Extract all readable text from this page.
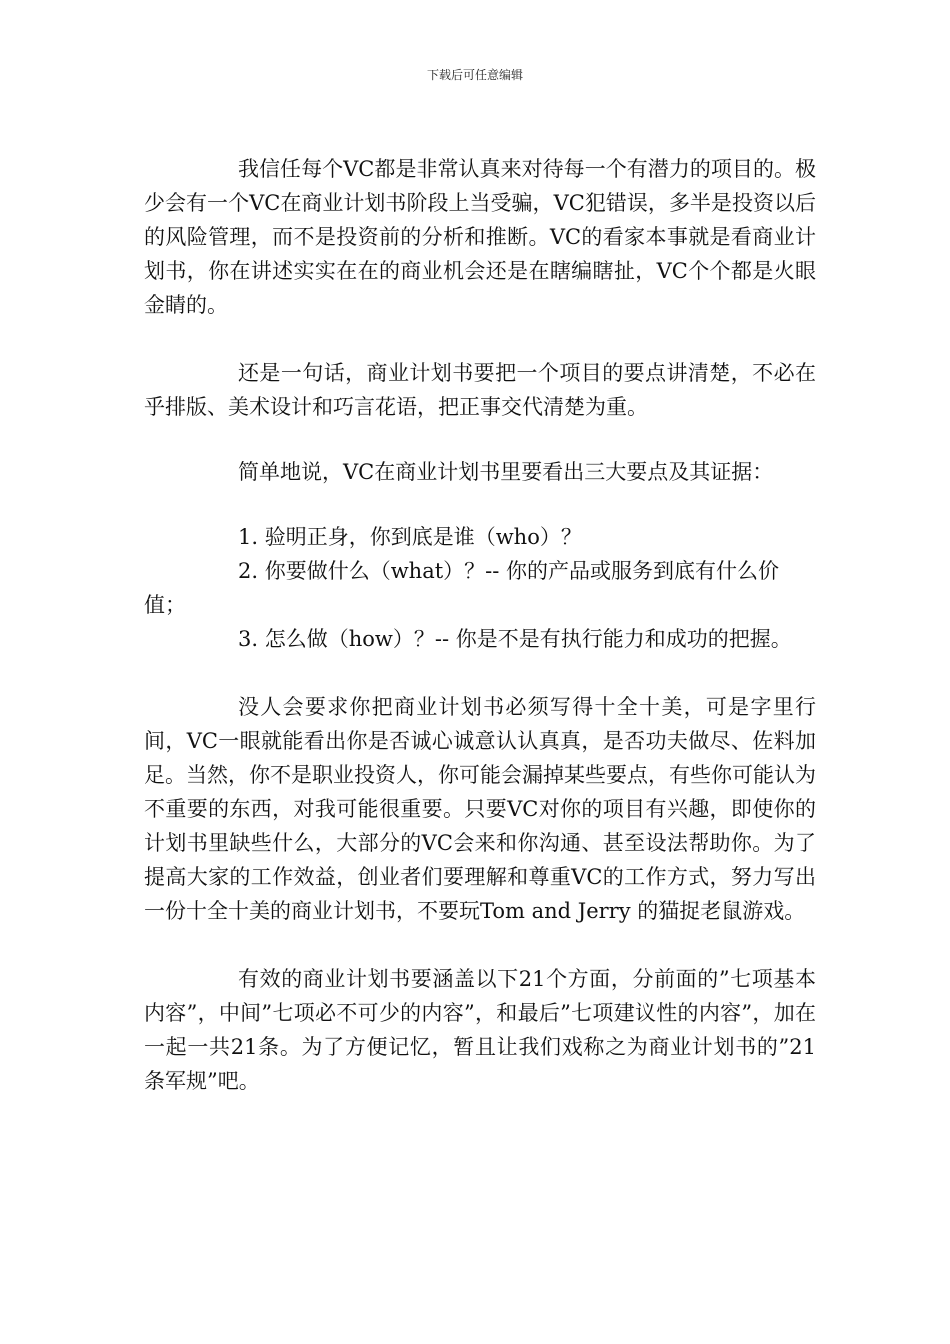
下载后可任意编辑

我信任每个VC都是非常认真来对待每一个有潜力的项目的。极少会有一个VC在商业计划书阶段上当受骗，VC犯错误，多半是投资以后的风险管理，而不是投资前的分析和推断。VC的看家本事就是看商业计划书，你在讲述实实在在的商业机会还是在瞎编瞎扯，VC个个都是火眼金睛的。

还是一句话，商业计划书要把一个项目的要点讲清楚，不必在乎排版、美术设计和巧言花语，把正事交代清楚为重。

简单地说，VC在商业计划书里要看出三大要点及其证据：

1. 验明正身，你到底是谁（who）？

2. 你要做什么（what）？-- 你的产品或服务到底有什么价值；

3. 怎么做（how）？-- 你是不是有执行能力和成功的把握。

没人会要求你把商业计划书必须写得十全十美，可是字里行间，VC一眼就能看出你是否诚心诚意认认真真，是否功夫做尽、佐料加足。当然，你不是职业投资人，你可能会漏掉某些要点，有些你可能认为不重要的东西，对我可能很重要。只要VC对你的项目有兴趣，即使你的计划书里缺些什么，大部分的VC会来和你沟通、甚至设法帮助你。为了提高大家的工作效益，创业者们要理解和尊重VC的工作方式，努力写出一份十全十美的商业计划书，不要玩Tom and Jerry 的猫捉老鼠游戏。

有效的商业计划书要涵盖以下21个方面，分前面的”七项基本内容”，中间”七项必不可少的内容”，和最后”七项建议性的内容”，加在一起一共21条。为了方便记忆，暂且让我们戏称之为商业计划书的”21条军规”吧。
